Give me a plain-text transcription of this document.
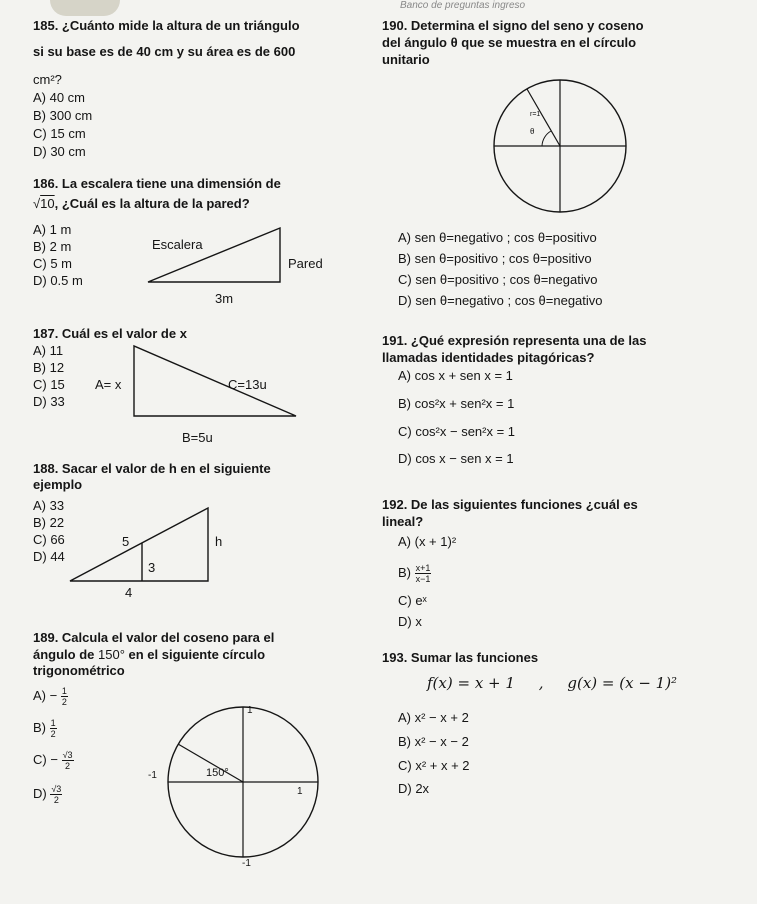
Banco de preguntas ingreso
185. ¿Cuánto mide la altura de un triángulo
si su base es de 40 cm y su área es de 600
cm²?
A) 40 cm
B) 300 cm
C) 15 cm
D) 30 cm
186. La escalera tiene una dimensión de
√10, ¿Cuál es la altura de la pared?
A) 1 m
B) 2 m
C) 5 m
D) 0.5 m
Escalera
Pared
3m
187. Cuál es el valor de x
A) 11
B) 12
C) 15
D) 33
A= x	C=13u
B=5u
188. Sacar el valor de h en el siguiente
ejemplo
A) 33
B) 22
C) 66
D) 44
5	h
3
4
189. Calcula el valor del coseno para el
ángulo de 150° en el siguiente círculo
trigonométrico
$A) - \frac{1}{2}$
$B) \frac{1}{2}$
$C) - \frac{√3}{2}$
$D) \frac{√3}{2}$
1
150°
-1
1
-1
190. Determina el signo del seno y coseno
del ángulo θ que se muestra en el círculo
unitario
r=1
θ
A) sen θ=negativo ; cos θ=positivo
B) sen θ=positivo ; cos θ=positivo
C) sen θ=positivo ; cos θ=negativo
D) sen θ=negativo ; cos θ=negativo
191. ¿Qué expresión representa una de las
llamadas identidades pitagóricas?
A) cos x + sen x = 1
B) cos²x + sen²x = 1
C) cos²x − sen²x = 1
D) cos x − sen x = 1
192. De las siguientes funciones ¿cuál es
lineal?
A) (x + 1)²
$B) \frac{x+1}{x-1}$
C) eˣ
D) x
193. Sumar las funciones
f(x) = x + 1     ,     g(x) = (x − 1)²
A) x² − x + 2
B) x² − x − 2
C) x² + x + 2
D) 2x
